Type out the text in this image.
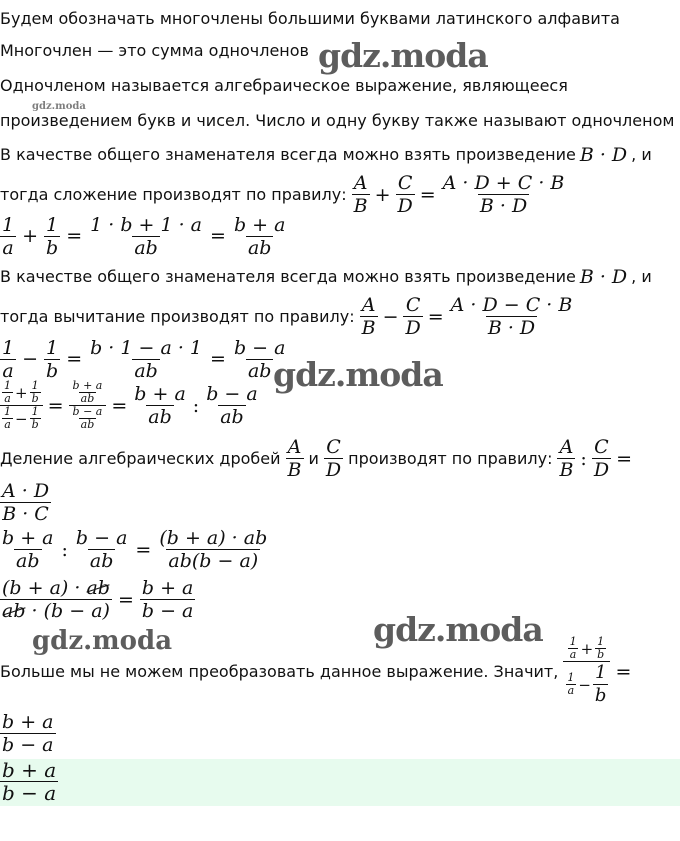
Будем обозначать многочлены большими буквами латинского алфавита
Многочлен — это сумма одночленов
Одночленом называется алгебраическое выражение, являющееся
произведением букв и чисел. Число и одну букву также называют одночленом
В качестве общего знаменателя всегда можно взять произведение B · D , и
тогда сложение производят по правилу: $\frac{A}{B} + \frac{C}{D} = \frac{A \cdot D + C \cdot B}{B \cdot D}$
$\frac{1}{a} + \frac{1}{b} = \frac{1 \cdot b + 1 \cdot a}{ab} = \frac{b + a}{ab}$
В качестве общего знаменателя всегда можно взять произведение B · D , и
тогда вычитание производят по правилу: $\frac{A}{B} - \frac{C}{D} = \frac{A \cdot D - C \cdot B}{B \cdot D}$
$\frac{1}{a} - \frac{1}{b} = \frac{b \cdot 1 - a \cdot 1}{ab} = \frac{b - a}{ab}$
$\frac{\frac{1}{a} + \frac{1}{b}}{\frac{1}{a} - \frac{1}{b}} = \frac{\frac{b + a}{ab}}{\frac{b - a}{ab}} = \frac{b + a}{ab}$ : $\frac{b - a}{ab}$
Деление алгебраических дробей $\frac{A}{B}$ и $\frac{C}{D}$ производят по правилу: $\frac{A}{B}$ : $\frac{C}{D}$ =
$\frac{A \cdot D}{B \cdot C}$
$\frac{b + a}{ab}$ : $\frac{b - a}{ab} = \frac{(b + a) \cdot ab}{ab(b - a)}$
$\frac{(b + a) \cdot ab}{ab \cdot (b - a)} = \frac{b + a}{b - a}$
Больше мы не можем преобразовать данное выражение. Значит, $\frac{\frac{1}{a} + \frac{1}{b}}{\frac{1}{a} - \frac{1}{b}}$ =
$\frac{b + a}{b - a}$
$\frac{b + a}{b - a}$
gdz.moda
gdz.moda
gdz.moda
gdz.moda	gdz.moda
